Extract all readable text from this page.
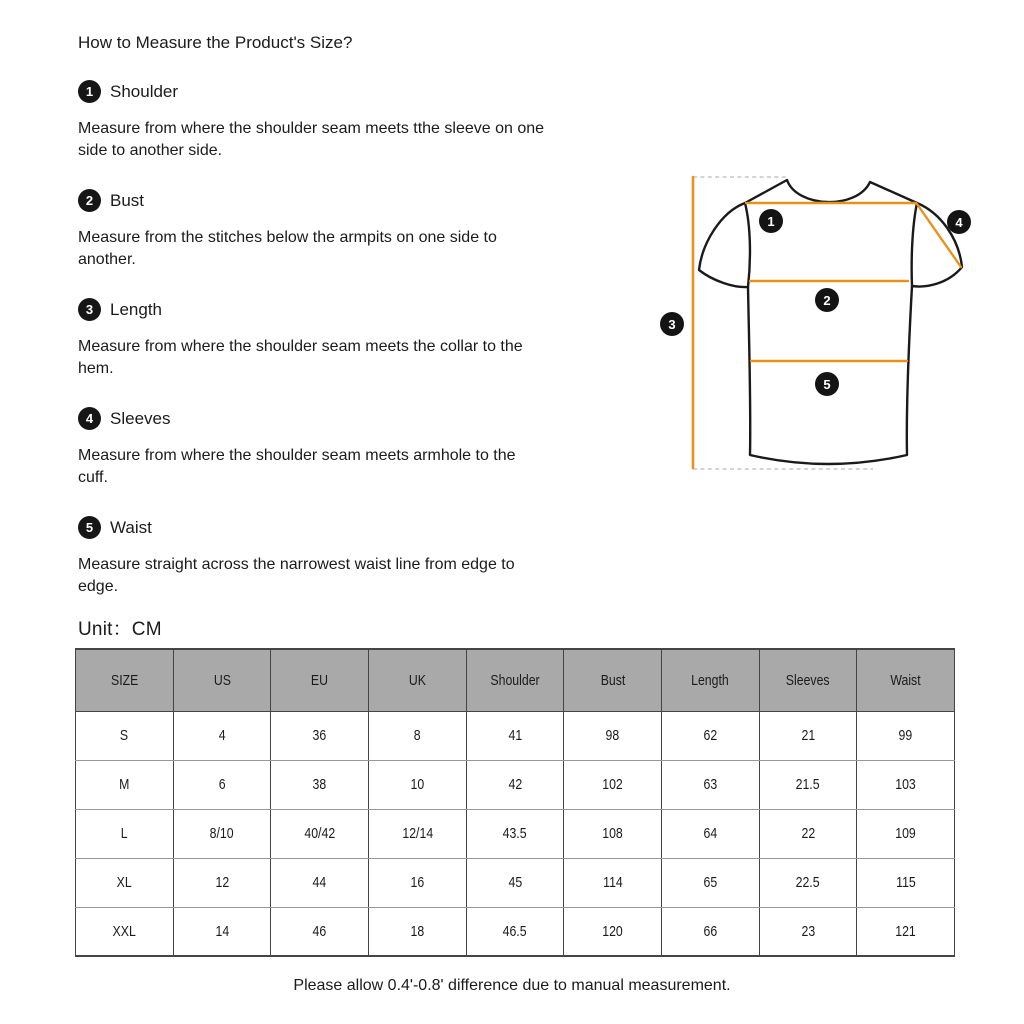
How to Measure the Product's Size?
1 Shoulder
Measure from where the shoulder seam meets tthe sleeve on one
side to another side.
2 Bust
Measure from the stitches below the armpits on one side to
another.
3 Length
Measure from where the shoulder seam meets the collar to the
hem.
4 Sleeves
Measure from where the shoulder seam meets armhole to the
cuff.
5 Waist
Measure straight across the narrowest waist line from edge to
edge.
Unit：CM
1
2
3
4
5
SIZE	US	EU	UK	Shoulder	Bust	Length	Sleeves	Waist
S	4	36	8	41	98	62	21	99
M	6	38	10	42	102	63	21.5	103
L	8/10	40/42	12/14	43.5	108	64	22	109
XL	12	44	16	45	114	65	22.5	115
XXL	14	46	18	46.5	120	66	23	121
Please allow 0.4'-0.8' difference due to manual measurement.
